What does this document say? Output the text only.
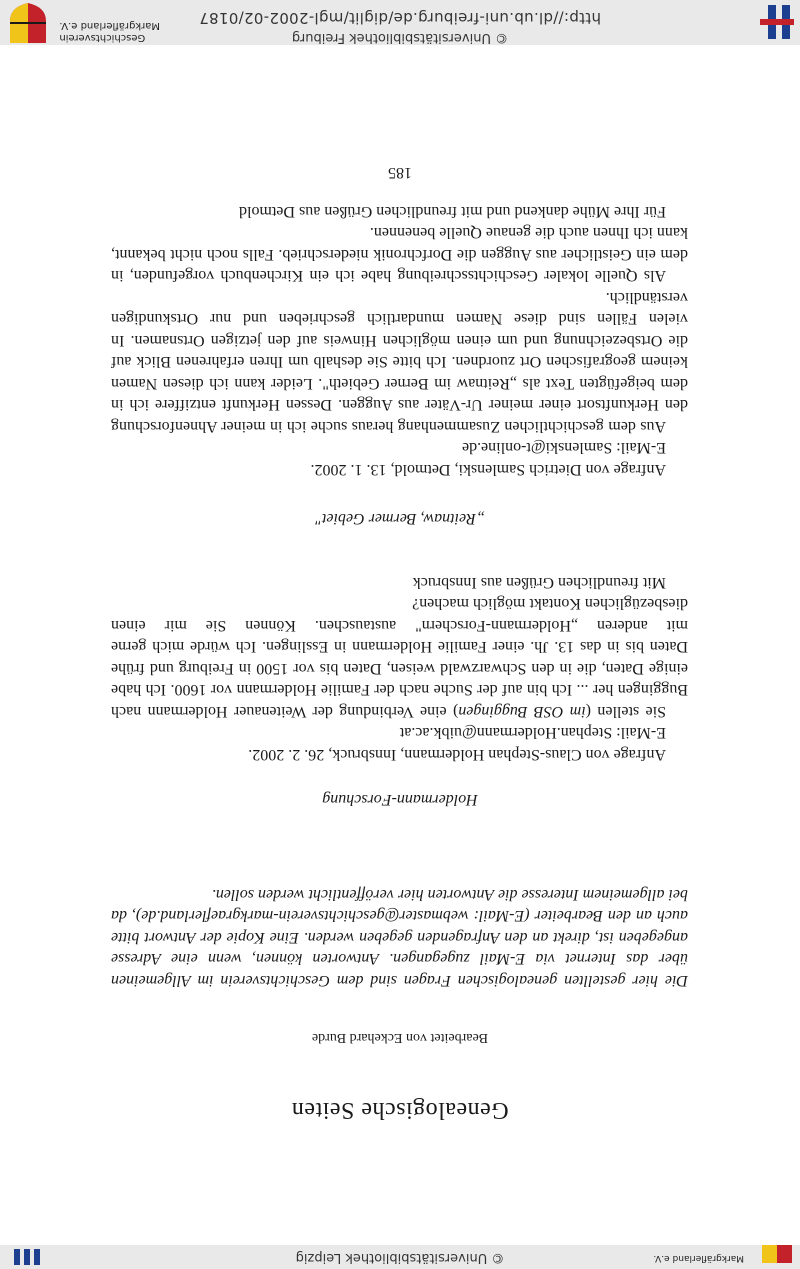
Markgräflerland e.V.
© Universitätsbibliothek Leipzig
Genealogische Seiten
Bearbeitet von Eckehard Burde
Die hier gestellten genealogischen Fragen sind dem Geschichtsverein im Allgemeinen über das Internet via E-Mail zugegangen. Antworten können, wenn eine Adresse angegeben ist, direkt an den Anfragenden gegeben werden. Eine Kopie der Antwort bitte auch an den Bearbeiter (E-Mail: webmaster@geschichtsverein-markgraeflerland.de), da bei allgemeinem Interesse die Antworten hier veröffentlicht werden sollen.
Holdermann-Forschung

Anfrage von Claus-Stephan Holdermann, Innsbruck, 26. 2. 2002.

E-Mail: Stephan.Holdermann@uibk.ac.at

Sie stellen (im OSB Buggingen) eine Verbindung der Weitenauer Holdermann nach Buggingen her ... Ich bin auf der Suche nach der Familie Holdermann vor 1600. Ich habe einige Daten, die in den Schwarzwald weisen, Daten bis vor 1500 in Freiburg und frühe Daten bis in das 13. Jh. einer Familie Holdermann in Esslingen. Ich würde mich gerne mit anderen „Holdermann-Forschern" austauschen. Können Sie mir einen diesbezüglichen Kontakt möglich machen?

Mit freundlichen Grüßen aus Innsbruck

„Reitnaw, Bermer Gebiet"

Anfrage von Dietrich Samlenski, Detmold, 13. 1. 2002.

E-Mail: Samlenski@t-online.de

Aus dem geschichtlichen Zusammenhang heraus suche ich in meiner Ahnenforschung den Herkunftsort einer meiner Ur-Väter aus Auggen. Dessen Herkunft entziffere ich in dem beigefügten Text als „Reitnaw im Berner Gebieth". Leider kann ich diesen Namen keinem geografischen Ort zuordnen. Ich bitte Sie deshalb um Ihren erfahrenen Blick auf die Ortsbezeichnung und um einen möglichen Hinweis auf den jetzigen Ortsnamen. In vielen Fällen sind diese Namen mundartlich geschrieben und nur Ortskundigen verständlich.

Als Quelle lokaler Geschichtsschreibung habe ich ein Kirchenbuch vorgefunden, in dem ein Geistlicher aus Auggen die Dorfchronik niederschrieb. Falls noch nicht bekannt, kann ich Ihnen auch die genaue Quelle benennen.

Für Ihre Mühe dankend und mit freundlichen Grüßen aus Detmold

185
© Universitätsbibliothek Freiburg
http://dl.ub.uni-freiburg.de/diglit/mgl-2002-02/0187
Geschichtsverein
Markgräflerland e.V.
